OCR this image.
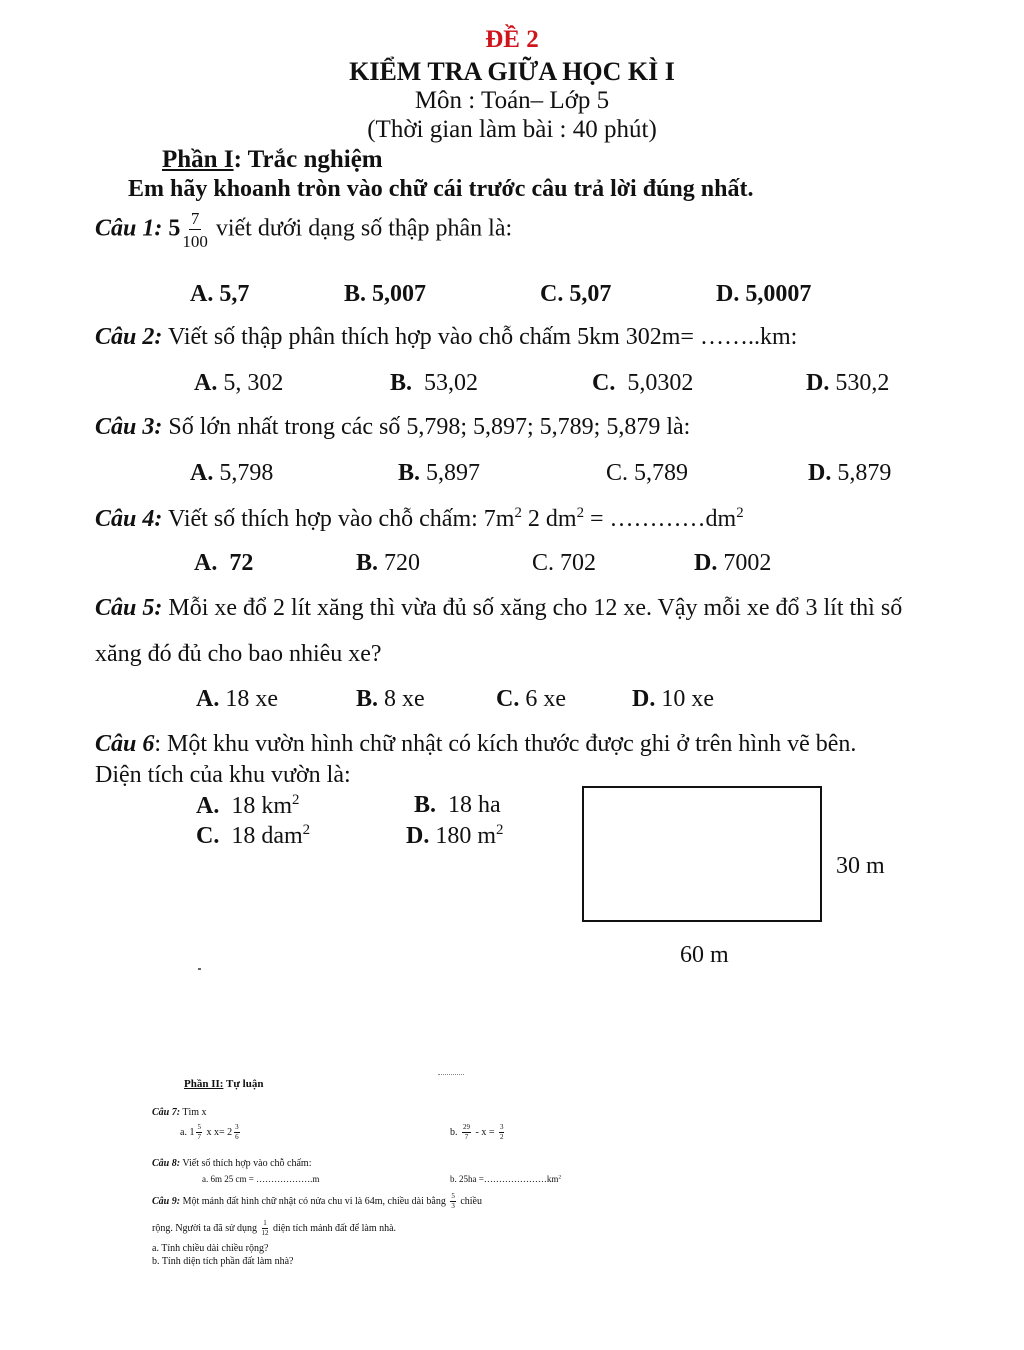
ĐỀ 2
KIỂM TRA GIỮA HỌC KÌ I
Môn : Toán– Lớp 5
(Thời gian làm bài : 40 phút)
Phần I: Trắc nghiệm
Em hãy khoanh tròn vào chữ cái trước câu trả lời đúng nhất.
Câu 1: $5 \frac{7}{100}$ viết dưới dạng số thập phân là:
A. 5,7	B. 5,007	C. 5,07	D. 5,0007
Câu 2: Viết số thập phân thích hợp vào chỗ chấm 5km 302m= ……..km:
A. 5, 302	B. 53,02	C. 5,0302	D. 530,2
Câu 3: Số lớn nhất trong các số 5,798; 5,897; 5,789; 5,879 là:
A. 5,798	B. 5,897	C. 5,789	D. 5,879
Câu 4: Viết số thích hợp vào chỗ chấm: $7m^2$ 2 $dm^2$ = $\dots\dots\dots\dots dm^2$
A. 72	B. 720	C. 702	D. 7002
Câu 5: Mỗi xe đổ 2 lít xăng thì vừa đủ số xăng cho 12 xe. Vậy mỗi xe đổ 3 lít thì số
xăng đó đủ cho bao nhiêu xe?
A. 18 xe	B. 8 xe	C. 6 xe	D. 10 xe
Câu 6: Một khu vườn hình chữ nhật có kích thước được ghi ở trên hình vẽ bên.
Diện tích của khu vườn là:
A. 18 $km^2$	B. 18 ha
C. 18 dam$^2$	D. 180 $m^2$
30 m
60 m
Phần II: Tự luận
Câu 7: Tìm x
a. $1 \frac{5}{7}$ x $x= 2 \frac{3}{6}$	b. $\frac{29}{7} - x = \frac{3}{2}$
Câu 8: Viết số thích hợp vào chỗ chấm:
a. 6m 25 cm = ……………….m	b. $25ha =\dots\dots\dots\dots\dots\dots\dots km^2$
Câu 9: Một mảnh đất hình chữ nhật có nửa chu vi là 64m, chiều dài bằng $\frac{5}{3}$ chiều
rộng. Người ta đã sử dụng $\frac{1}{12}$ diện tích mảnh đất để làm nhà.
a. Tính chiều dài chiều rộng?
b. Tính diện tích phần đất làm nhà?
